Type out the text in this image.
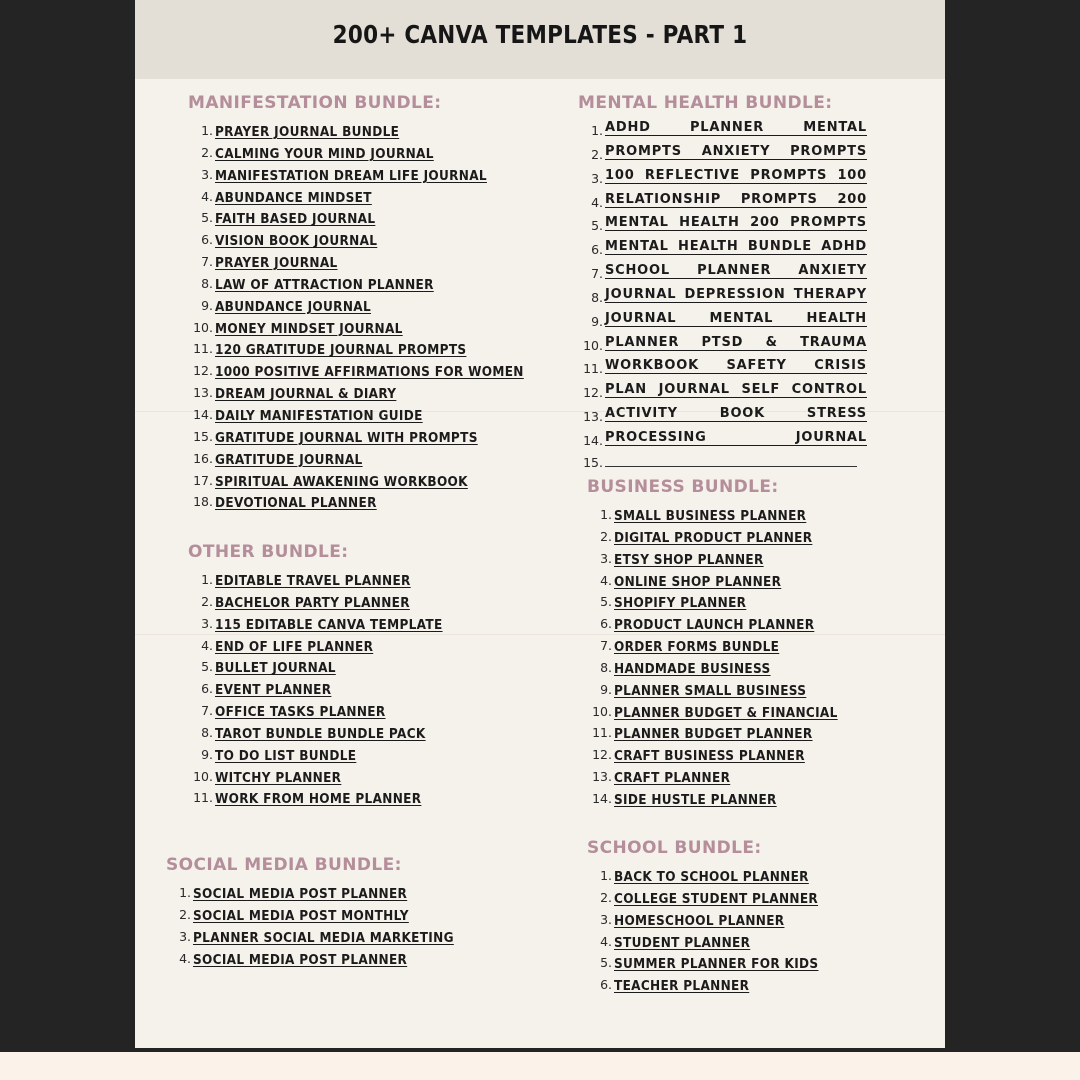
200+ CANVA TEMPLATES - PART 1
MANIFESTATION BUNDLE:
1. PRAYER JOURNAL BUNDLE
2. CALMING YOUR MIND JOURNAL
3. MANIFESTATION DREAM LIFE JOURNAL
4. ABUNDANCE MINDSET
5. FAITH BASED JOURNAL
6. VISION BOOK JOURNAL
7. PRAYER JOURNAL
8. LAW OF ATTRACTION PLANNER
9. ABUNDANCE JOURNAL
10. MONEY MINDSET JOURNAL
11. 120 GRATITUDE JOURNAL PROMPTS
12. 1000 POSITIVE AFFIRMATIONS FOR WOMEN
13. DREAM JOURNAL & DIARY
14. DAILY MANIFESTATION GUIDE
15. GRATITUDE JOURNAL WITH PROMPTS
16. GRATITUDE JOURNAL
17. SPIRITUAL AWAKENING WORKBOOK
18. DEVOTIONAL PLANNER
OTHER BUNDLE:
1. EDITABLE TRAVEL PLANNER
2. BACHELOR PARTY PLANNER
3. 115 EDITABLE CANVA TEMPLATE
4. END OF LIFE PLANNER
5. BULLET JOURNAL
6. EVENT PLANNER
7. OFFICE TASKS PLANNER
8. TAROT BUNDLE BUNDLE PACK
9. TO DO LIST BUNDLE
10. WITCHY PLANNER
11. WORK FROM HOME PLANNER
SOCIAL MEDIA BUNDLE:
1. SOCIAL MEDIA POST PLANNER
2. SOCIAL MEDIA POST MONTHLY
3. PLANNER SOCIAL MEDIA MARKETING
4. SOCIAL MEDIA POST PLANNER
MENTAL HEALTH BUNDLE:
1. ADHD	PLANNER	MENTAL
2. PROMPTS ANXIETY PROMPTS
3. 100 REFLECTIVE PROMPTS 100
4. RELATIONSHIP PROMPTS 200
5. MENTAL HEALTH 200 PROMPTS
6. MENTAL HEALTH BUNDLE ADHD
7. SCHOOL PLANNER ANXIETY
8. JOURNAL DEPRESSION THERAPY
9. JOURNAL	MENTAL	HEALTH
10. PLANNER PTSD & TRAUMA
11. WORKBOOK SAFETY CRISIS
12. PLAN JOURNAL SELF CONTROL
13. ACTIVITY	BOOK	STRESS
14. PROCESSING	JOURNAL
15.
BUSINESS BUNDLE:
1. SMALL BUSINESS PLANNER
2. DIGITAL PRODUCT PLANNER
3. ETSY SHOP PLANNER
4. ONLINE SHOP PLANNER
5. SHOPIFY PLANNER
6. PRODUCT LAUNCH PLANNER
7. ORDER FORMS BUNDLE
8. HANDMADE BUSINESS
9. PLANNER SMALL BUSINESS
10. PLANNER BUDGET & FINANCIAL
11. PLANNER BUDGET PLANNER
12. CRAFT BUSINESS PLANNER
13. CRAFT PLANNER
14. SIDE HUSTLE PLANNER
SCHOOL BUNDLE:
1. BACK TO SCHOOL PLANNER
2. COLLEGE STUDENT PLANNER
3. HOMESCHOOL PLANNER
4. STUDENT PLANNER
5. SUMMER PLANNER FOR KIDS
6. TEACHER PLANNER
